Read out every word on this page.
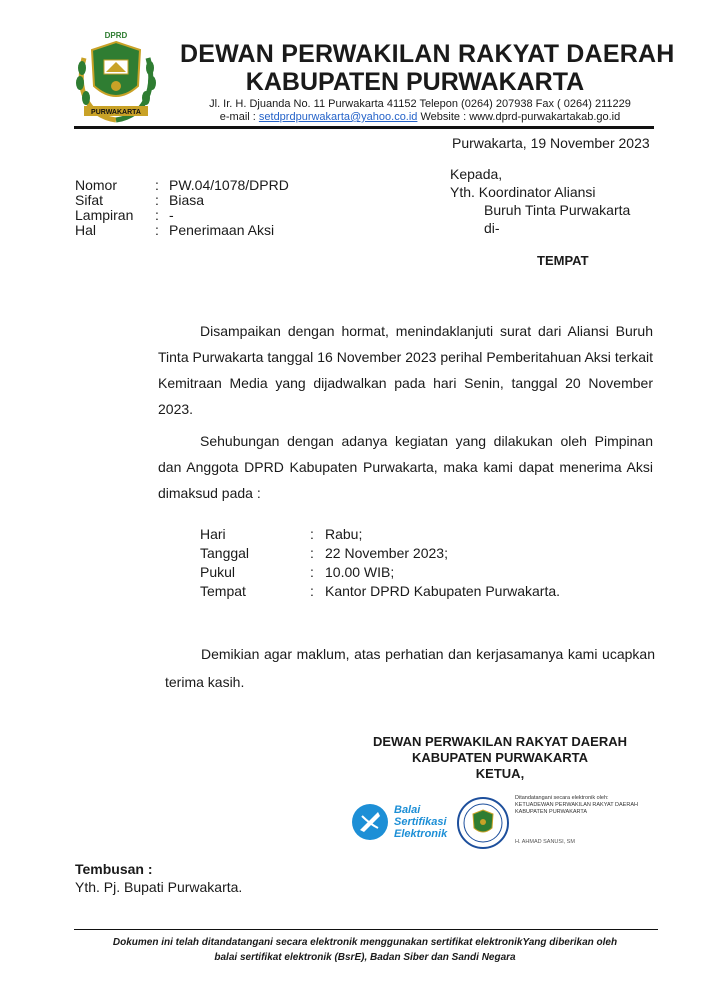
DPRD
PURWAKARTA
DEWAN PERWAKILAN RAKYAT DAERAH
KABUPATEN PURWAKARTA
Jl. Ir. H. Djuanda No. 11 Purwakarta 41152 Telepon (0264) 207938 Fax ( 0264) 211229
e-mail : setdprdpurwakarta@yahoo.co.id Website : www.dprd-purwakartakab.go.id
Purwakarta, 19 November 2023
Nomor	: PW.04/1078/DPRD
Sifat	: Biasa
Lampiran : -
Hal	: Penerimaan Aksi
Kepada,
Yth. Koordinator Aliansi
Buruh Tinta Purwakarta
di-
TEMPAT

Disampaikan dengan hormat, menindaklanjuti surat dari Aliansi Buruh Tinta Purwakarta tanggal 16 November 2023 perihal Pemberitahuan Aksi terkait Kemitraan Media yang dijadwalkan pada hari Senin, tanggal 20 November 2023.

Sehubungan dengan adanya kegiatan yang dilakukan oleh Pimpinan dan Anggota DPRD Kabupaten Purwakarta, maka kami dapat menerima Aksi dimaksud pada :

Hari	: Rabu;
Tanggal	: 22 November 2023;
Pukul	: 10.00 WIB;
Tempat	: Kantor DPRD Kabupaten Purwakarta.

Demikian agar maklum, atas perhatian dan kerjasamanya kami ucapkan terima kasih.

DEWAN PERWAKILAN RAKYAT DAERAH
KABUPATEN PURWAKARTA
KETUA,
Balai
Sertifikasi
Elektronik
Ditandatangani secara elektronik oleh:
KETUADEWAN PERWAKILAN RAKYAT DAERAH
KABUPATEN PURWAKARTA
H. AHMAD SANUSI, SM
Tembusan :
Yth. Pj. Bupati Purwakarta.
Dokumen ini telah ditandatangani secara elektronik menggunakan sertifikat elektronikYang diberikan oleh
balai sertifikat elektronik (BsrE), Badan Siber dan Sandi Negara
